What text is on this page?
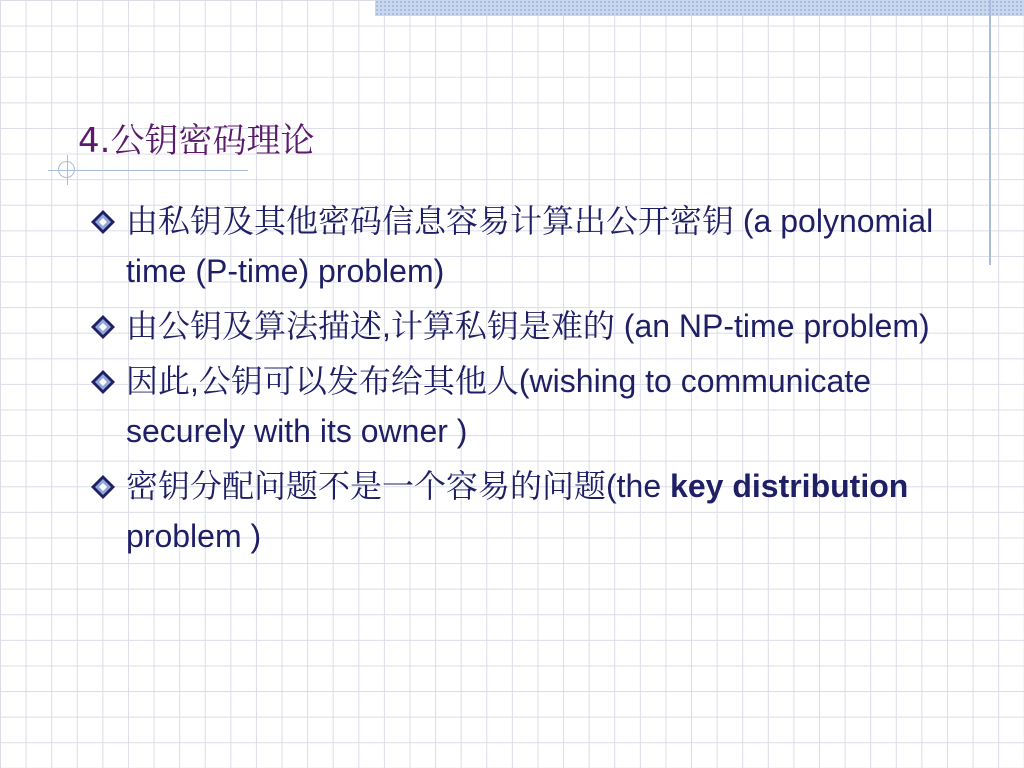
4.公钥密码理论
由私钥及其他密码信息容易计算出公开密钥 (a polynomial time (P-time) problem)
由公钥及算法描述,计算私钥是难的 (an NP-time problem)
因此,公钥可以发布给其他人(wishing to communicate securely with its owner )
密钥分配问题不是一个容易的问题(the key distribution problem )
